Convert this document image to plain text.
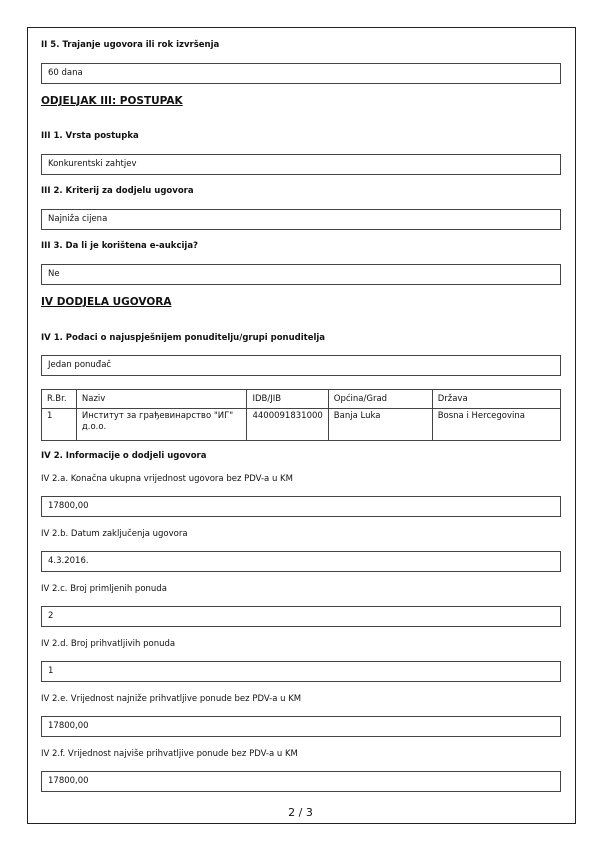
II 5. Trajanje ugovora ili rok izvršenja
60 dana
ODJELJAK III: POSTUPAK
III 1. Vrsta postupka
Konkurentski zahtjev
III 2. Kriterij za dodjelu ugovora
Najniža cijena
III 3. Da li je korištena e-aukcija?
Ne
IV DODJELA UGOVORA
IV 1. Podaci o najuspješnijem ponuditelju/grupi ponuditelja
Jedan ponuđač
R.Br.	Naziv	IDB/JIB	Općina/Grad	Država
1	Институт за грађевинарство "ИГ" д.о.о.	4400091831000	Banja Luka	Bosna i Hercegovina
IV 2. Informacije o dodjeli ugovora
IV 2.a. Konačna ukupna vrijednost ugovora bez PDV-a u KM
17800,00
IV 2.b. Datum zaključenja ugovora
4.3.2016.
IV 2.c. Broj primljenih ponuda
2
IV 2.d. Broj prihvatljivih ponuda
1
IV 2.e. Vrijednost najniže prihvatljive ponude bez PDV-a u KM
17800,00
IV 2.f. Vrijednost najviše prihvatljive ponude bez PDV-a u KM
17800,00
2 / 3
